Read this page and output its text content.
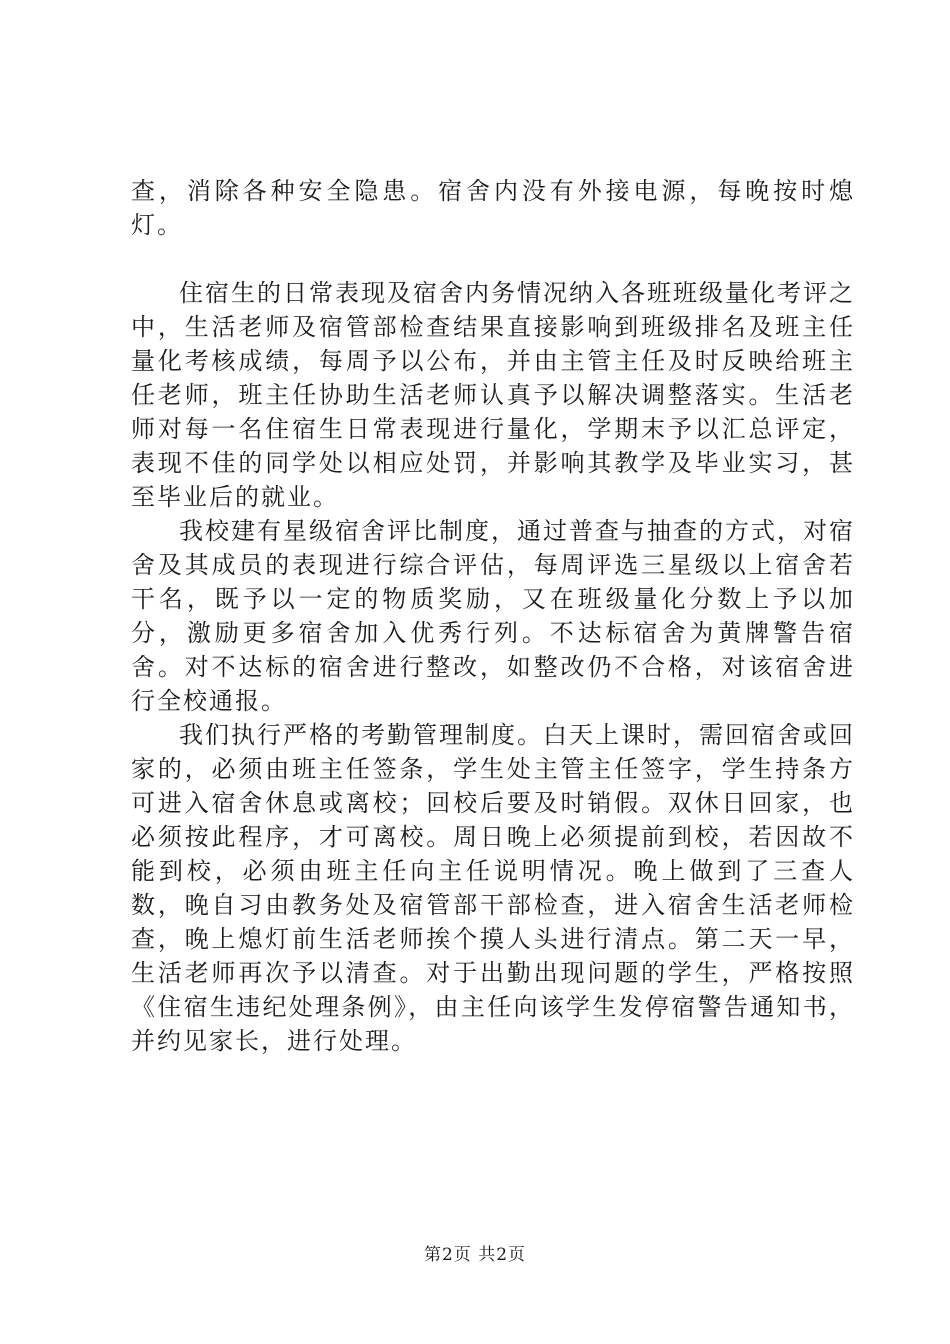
查，消除各种安全隐患。宿舍内没有外接电源，每晚按时熄灯。

住宿生的日常表现及宿舍内务情况纳入各班班级量化考评之中，生活老师及宿管部检查结果直接影响到班级排名及班主任量化考核成绩，每周予以公布，并由主管主任及时反映给班主任老师，班主任协助生活老师认真予以解决调整落实。生活老师对每一名住宿生日常表现进行量化，学期末予以汇总评定，表现不佳的同学处以相应处罚，并影响其教学及毕业实习，甚至毕业后的就业。

我校建有星级宿舍评比制度，通过普查与抽查的方式，对宿舍及其成员的表现进行综合评估，每周评选三星级以上宿舍若干名，既予以一定的物质奖励，又在班级量化分数上予以加分，激励更多宿舍加入优秀行列。不达标宿舍为黄牌警告宿舍。对不达标的宿舍进行整改，如整改仍不合格，对该宿舍进行全校通报。

我们执行严格的考勤管理制度。白天上课时，需回宿舍或回家的，必须由班主任签条，学生处主管主任签字，学生持条方可进入宿舍休息或离校；回校后要及时销假。双休日回家，也必须按此程序，才可离校。周日晚上必须提前到校，若因故不能到校，必须由班主任向主任说明情况。晚上做到了三查人数，晚自习由教务处及宿管部干部检查，进入宿舍生活老师检查，晚上熄灯前生活老师挨个摸人头进行清点。第二天一早，生活老师再次予以清查。对于出勤出现问题的学生，严格按照《住宿生违纪处理条例》，由主任向该学生发停宿警告通知书，并约见家长，进行处理。

第2页 共2页
